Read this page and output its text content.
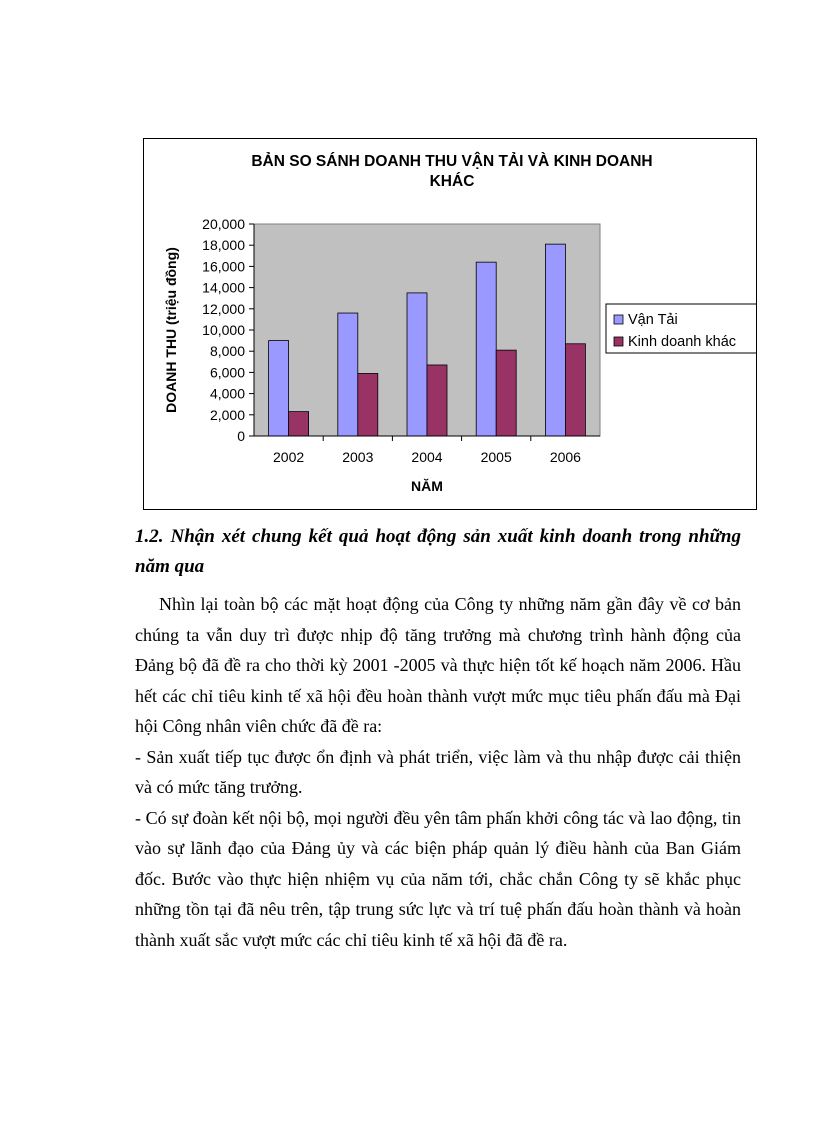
BẢN SO SÁNH DOANH THU VẬN TẢI VÀ KINH DOANH
KHÁC
20,000
18,000
16,000
14,000
12,000
10,000
8,000
6,000
4,000
2,000
0
2002	2003	2004	2005	2006
NĂM
DOANH THU (triệu đồng)	Vận Tải
Kinh doanh khác
1.2. Nhận xét chung kết quả hoạt động sản xuất kinh doanh trong những năm qua

Nhìn lại toàn bộ các mặt hoạt động của Công ty những năm gần đây về cơ bản chúng ta vẫn duy trì được nhịp độ tăng trưởng mà chương trình hành động của Đảng bộ đã đề ra cho thời kỳ 2001 -2005 và thực hiện tốt kế hoạch năm 2006. Hầu hết các chỉ tiêu kinh tế xã hội đều hoàn thành vượt mức mục tiêu phấn đấu mà Đại hội Công nhân viên chức đã đề ra:

- Sản xuất tiếp tục được ổn định và phát triển, việc làm và thu nhập được cải thiện và có mức tăng trưởng.

- Có sự đoàn kết nội bộ, mọi người đều yên tâm phấn khởi công tác và lao động, tin vào sự lãnh đạo của Đảng ủy và các biện pháp quản lý điều hành của Ban Giám đốc. Bước vào thực hiện nhiệm vụ của năm tới, chắc chắn Công ty sẽ khắc phục những tồn tại đã nêu trên, tập trung sức lực và trí tuệ phấn đấu hoàn thành và hoàn thành xuất sắc vượt mức các chỉ tiêu kinh tế xã hội đã đề ra.
